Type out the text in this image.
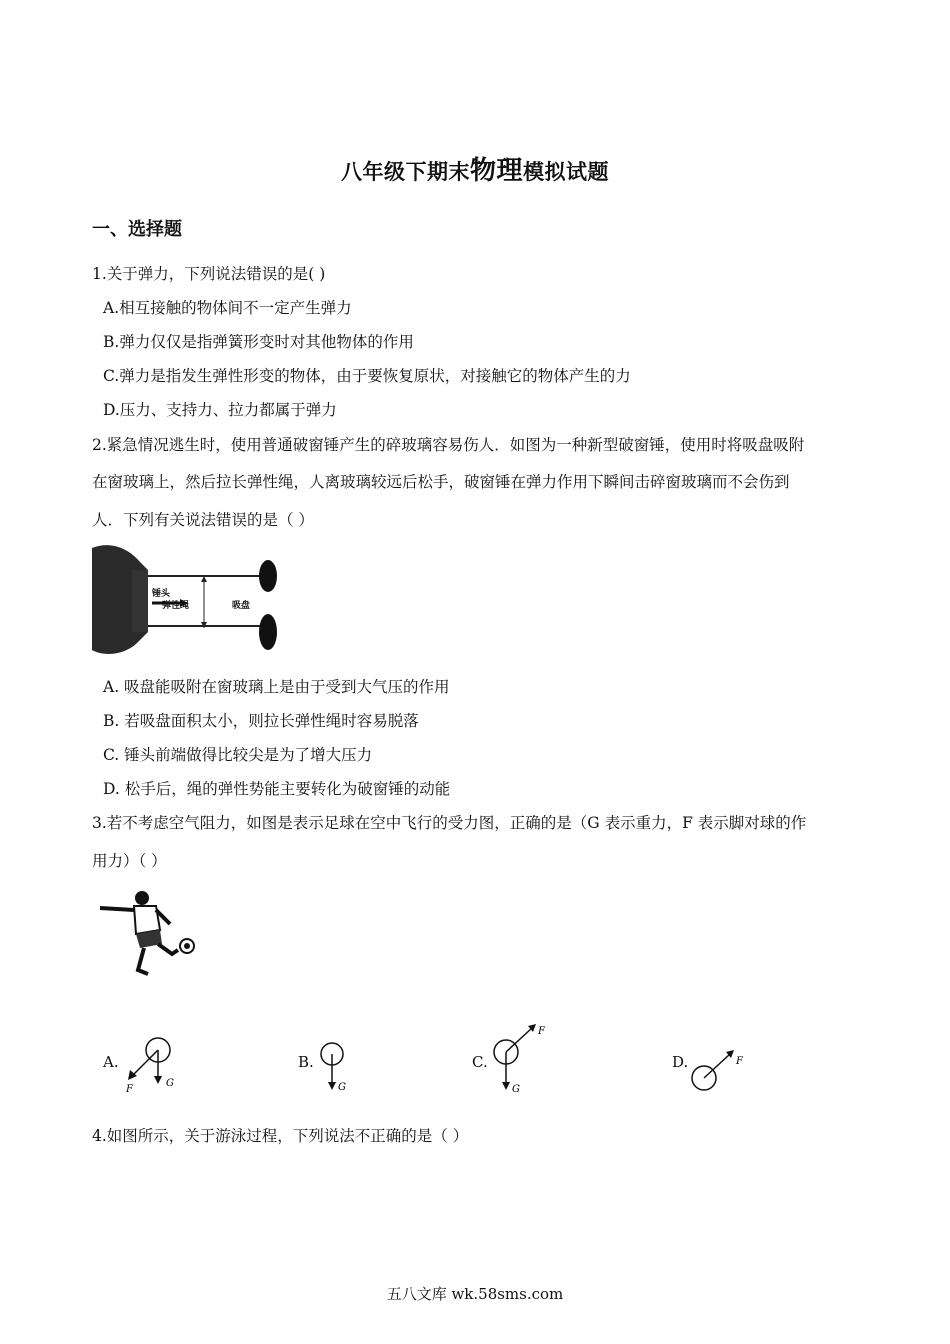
八年级下期末物理模拟试题
一、选择题
1.关于弹力，下列说法错误的是( )
A.相互接触的物体间不一定产生弹力
B.弹力仅仅是指弹簧形变时对其他物体的作用
C.弹力是指发生弹性形变的物体，由于要恢复原状，对接触它的物体产生的力
D.压力、支持力、拉力都属于弹力
2.紧急情况逃生时，使用普通破窗锤产生的碎玻璃容易伤人．如图为一种新型破窗锤，使用时将吸盘吸附
在窗玻璃上，然后拉长弹性绳，人离玻璃较远后松手，破窗锤在弹力作用下瞬间击碎窗玻璃而不会伤到
人．下列有关说法错误的是（ ）
锤头
弹性绳	吸盘
A. 吸盘能吸附在窗玻璃上是由于受到大气压的作用
B. 若吸盘面积太小，则拉长弹性绳时容易脱落
C. 锤头前端做得比较尖是为了增大压力
D. 松手后，绳的弹性势能主要转化为破窗锤的动能
3.若不考虑空气阻力，如图是表示足球在空中飞行的受力图，正确的是（G 表示重力，F 表示脚对球的作
用力）（ ）
A.
G
F
B.
G
C.
G
F
D.	F
4.如图所示，关于游泳过程，下列说法不正确的是（ ）
五八文库 wk.58sms.com
